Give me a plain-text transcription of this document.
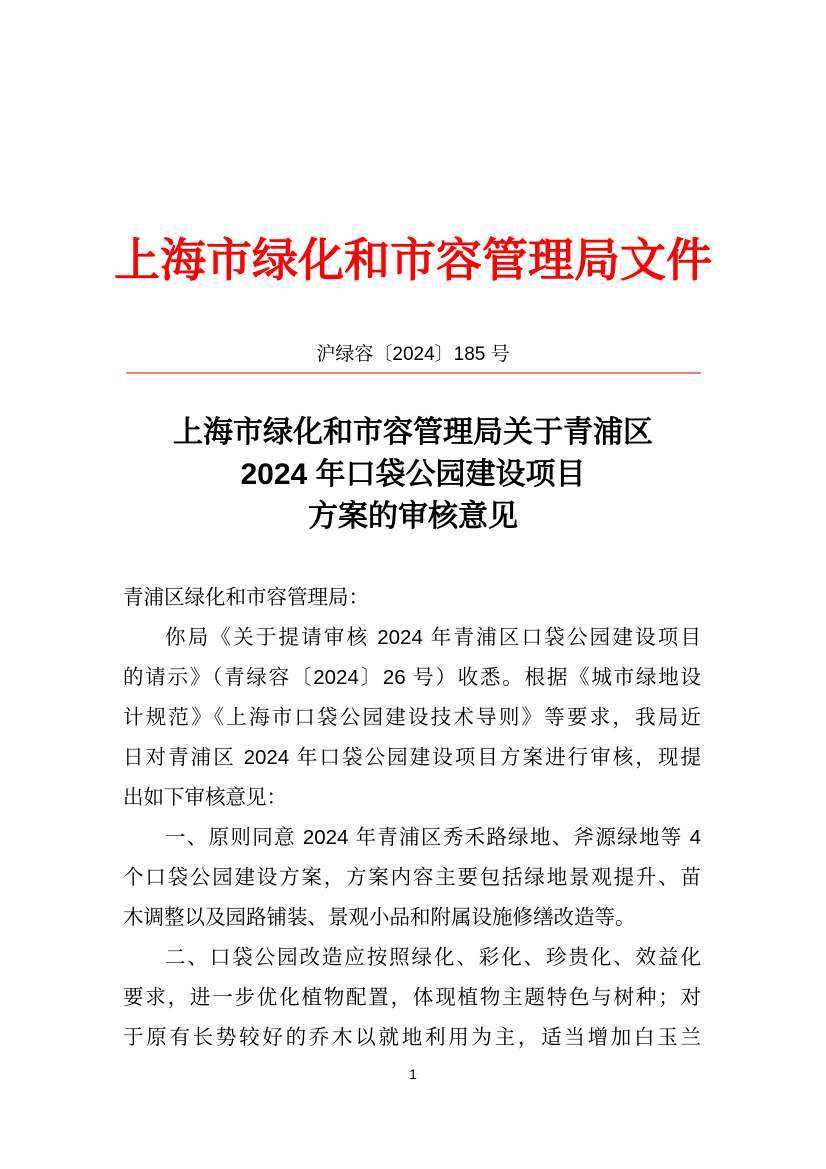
上海市绿化和市容管理局文件
沪绿容〔2024〕185 号
上海市绿化和市容管理局关于青浦区
2024 年口袋公园建设项目
方案的审核意见
青浦区绿化和市容管理局：
你局《关于提请审核 2024 年青浦区口袋公园建设项目
的请示》（青绿容〔2024〕26 号）收悉。根据《城市绿地设
计规范》《上海市口袋公园建设技术导则》等要求，我局近
日对青浦区 2024 年口袋公园建设项目方案进行审核，现提
出如下审核意见：
一、原则同意 2024 年青浦区秀禾路绿地、斧源绿地等 4
个口袋公园建设方案，方案内容主要包括绿地景观提升、苗
木调整以及园路铺装、景观小品和附属设施修缮改造等。
二、口袋公园改造应按照绿化、彩化、珍贵化、效益化
要求，进一步优化植物配置，体现植物主题特色与树种；对
于原有长势较好的乔木以就地利用为主，适当增加白玉兰
1
